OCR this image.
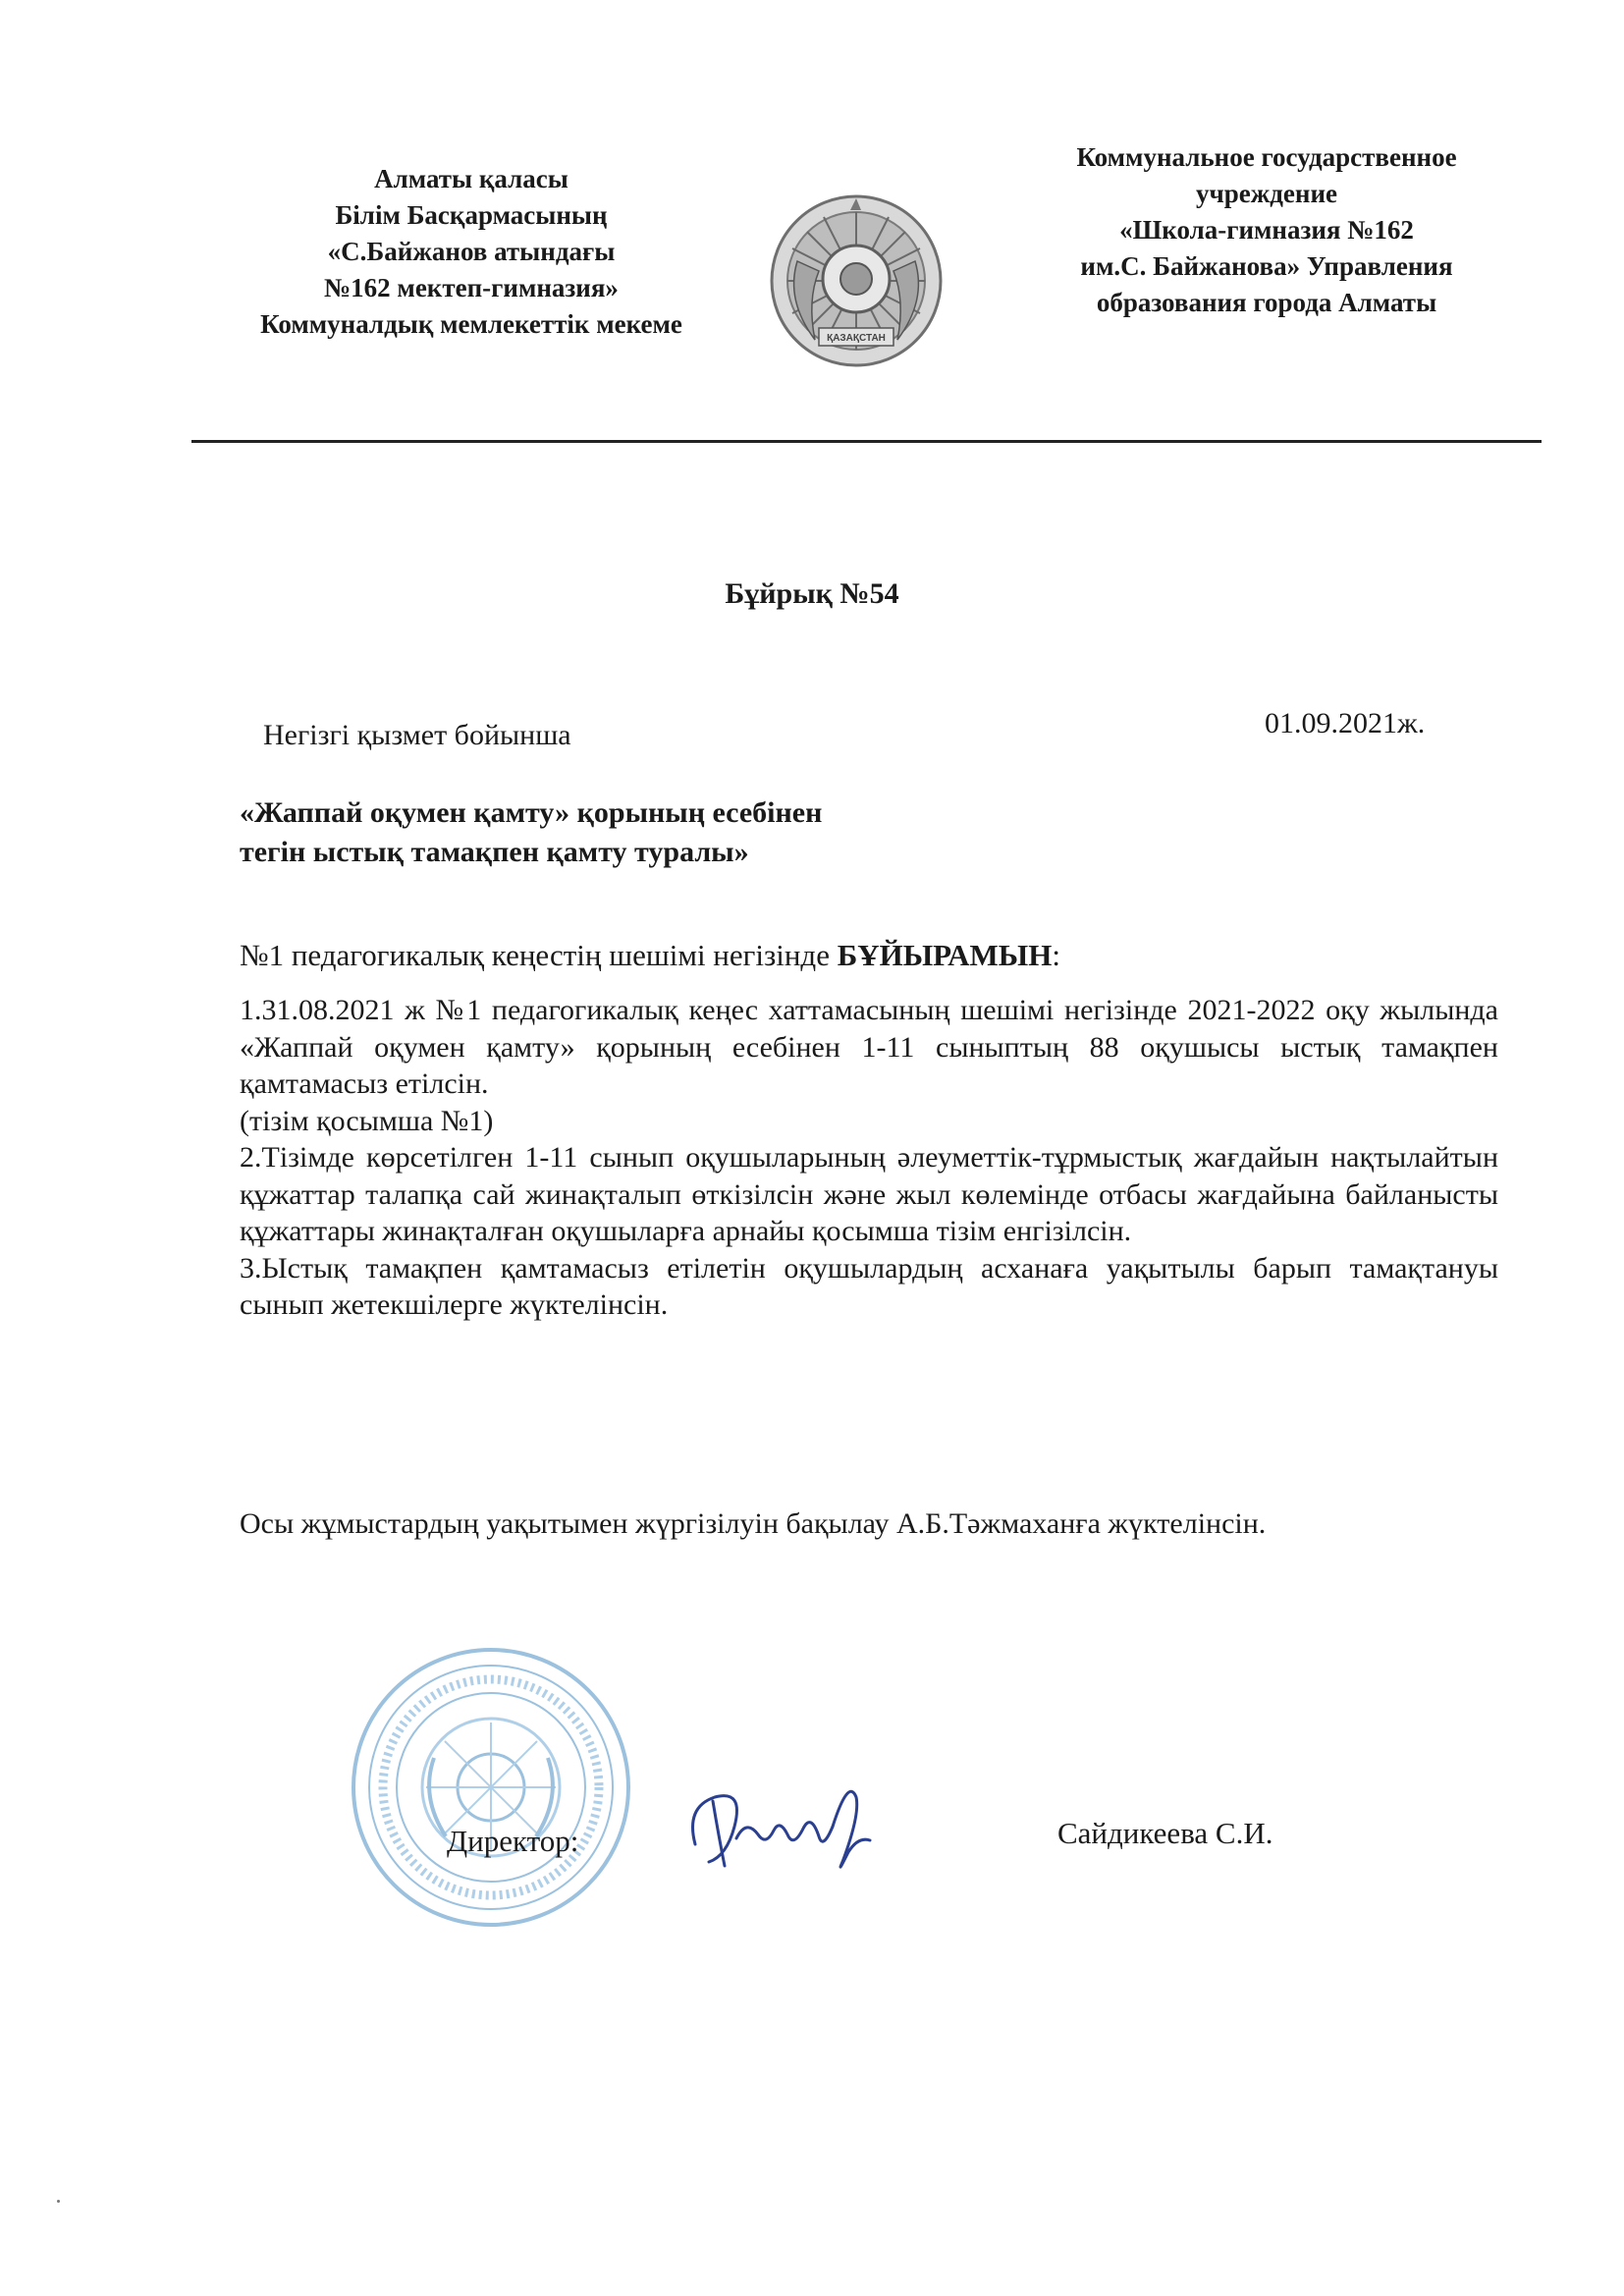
Алматы қаласы
Білім Басқармасының
«С.Байжанов атындағы
№162 мектеп-гимназия»
Коммуналдық мемлекеттік мекеме	ҚАЗАҚСТАН
Коммунальное государственное
учреждение
«Школа-гимназия №162
им.С. Байжанова» Управления
образования города Алматы
Бұйрық №54
Негізгі қызмет бойынша	01.09.2021ж.
«Жаппай оқумен қамту» қорының есебінен
тегін ыстық тамақпен қамту туралы»
№1 педагогикалық кеңестің шешімі негізінде БҰЙЫРАМЫН:
1.31.08.2021 ж №1 педагогикалық кеңес хаттамасының шешімі негізінде 2021-2022 оқу жылында «Жаппай оқумен қамту» қорының есебінен 1-11 сыныптың 88 оқушысы ыстық тамақпен қамтамасыз етілсін.
(тізім қосымша №1)
2.Тізімде көрсетілген 1-11 сынып оқушыларының әлеуметтік-тұрмыстық жағдайын нақтылайтын құжаттар талапқа сай жинақталып өткізілсін және жыл көлемінде отбасы жағдайына байланысты құжаттары жинақталған оқушыларға арнайы қосымша тізім енгізілсін.
3.Ыстық тамақпен қамтамасыз етілетін оқушылардың асханаға уақытылы барып тамақтануы сынып жетекшілерге жүктелінсін.
Осы жұмыстардың уақытымен жүргізілуін бақылау А.Б.Тәжмаханға жүктелінсін.
Директор:	Сайдикеева С.И.
